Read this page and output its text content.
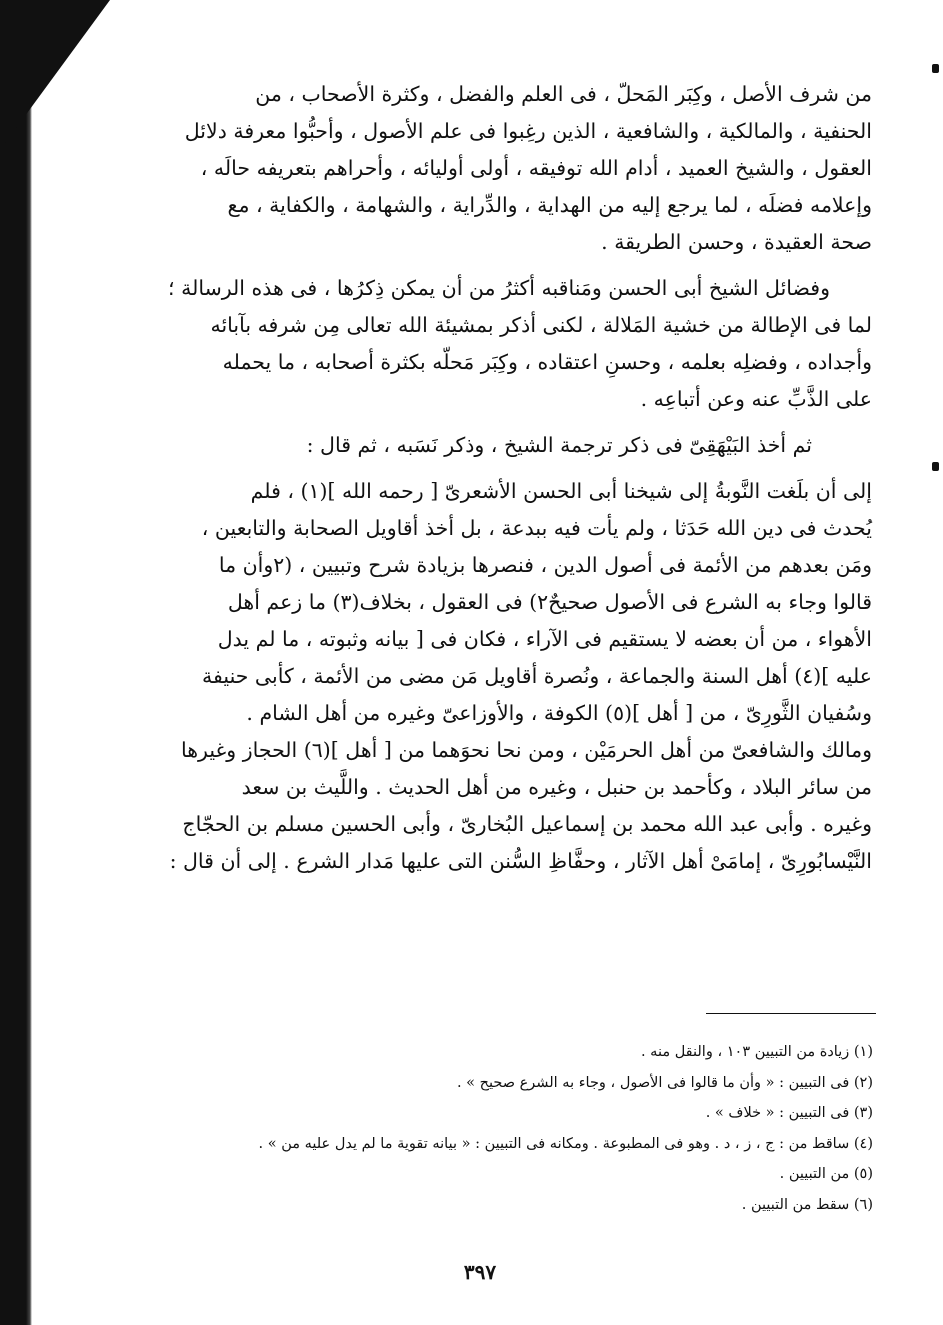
من شرف الأصل ، وكِبَر المَحلّ ، فى العلم والفضل ، وكثرة الأصحاب ، من
الحنفية ، والمالكية ، والشافعية ، الذين رغِبوا فى علم الأصول ، وأحبُّوا معرفة دلائل
العقول ، والشيخ العميد ، أدام الله توفيقه ، أولى أوليائه ، وأحراهم بتعريفه حالَه ،
وإعلامه فضلَه ، لما يرجع إليه من الهداية ، والدِّراية ، والشهامة ، والكفاية ، مع
صحة العقيدة ، وحسن الطريقة .
وفضائل الشيخ أبى الحسن ومَناقبه أكثرُ من أن يمكن ذِكرُها ، فى هذه الرسالة ؛
لما فى الإطالة من خشية المَلالة ، لكنى أذكر بمشيئة الله تعالى مِن شرفه بآبائه
وأجداده ، وفضلِه بعلمه ، وحسنِ اعتقاده ، وكِبَر مَحلّه بكثرة أصحابه ، ما يحمله
على الذَّبِّ عنه وعن أتباعِه .
ثم أخذ البَيْهَقِىّ فى ذكر ترجمة الشيخ ، وذكر نَسَبه ، ثم قال :
إلى أن بلَغت النَّوبةُ إلى شيخنا أبى الحسن الأشعرىّ [ رحمه الله ](١) ، فلم
يُحدث فى دين الله حَدَثا ، ولم يأت فيه ببدعة ، بل أخذ أقاويل الصحابة والتابعين ،
ومَن بعدهم من الأئمة فى أصول الدين ، فنصرها بزيادة شرح وتبيين ، (٢وأن ما
قالوا وجاء به الشرع فى الأصول صحيحٌ٢) فى العقول ، بخلاف(٣) ما زعم أهل
الأهواء ، من أن بعضه لا يستقيم فى الآراء ، فكان فى [ بيانه وثبوته ، ما لم يدل
عليه ](٤) أهل السنة والجماعة ، ونُصرة أقاويل مَن مضى من الأئمة ، كأبى حنيفة
وسُفيان الثَّورِىّ ، من [ أهل ](٥) الكوفة ، والأوزاعىّ وغيره من أهل الشام .
ومالك والشافعىّ من أهل الحرمَيْن ، ومن نحا نحوَهما من [ أهل ](٦) الحجاز وغيرها
من سائر البلاد ، وكأحمد بن حنبل ، وغيره من أهل الحديث . واللَّيث بن سعد
وغيره . وأبى عبد الله محمد بن إسماعيل البُخارىّ ، وأبى الحسين مسلم بن الحجّاج
النَّيْسابُورِىّ ، إمامَىْ أهل الآثار ، وحفَّاظِ السُّنن التى عليها مَدار الشرع . إلى أن قال :
(١) زيادة من التبيين ١٠٣ ، والنقل منه .
(٢) فى التبيين : « وأن ما قالوا فى الأصول ، وجاء به الشرع صحيح » .
(٣) فى التبيين : « خلاف » .
(٤) ساقط من : ج ، ز ، د . وهو فى المطبوعة . ومكانه فى التبيين : « بيانه تقوية ما لم يدل عليه من » .
(٥) من التبيين .
(٦) سقط من التبيين .
٣٩٧
